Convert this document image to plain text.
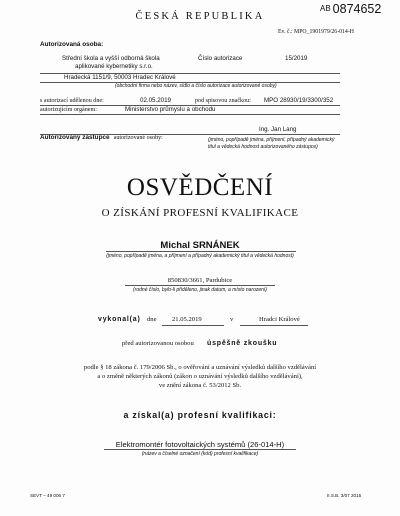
AB 0874652
ČESKÁ REPUBLIKA
Ev. č.: MPO_1901979/26-014-H
Autorizovaná osoba:
Střední škola a vyšší odborná škola
aplikované kybernetiky s.r.o.
Číslo autorizace	15/2019
Hradecká 1151/9, 50003 Hradec Králové
(obchodní firma nebo název, sídlo a číslo autorizace autorizované osoby)
s autorizací udělenou dne:	02.05.2019	pod spisovou značkou: MPO 28930/19/3300/352
autorizujícím orgánem:	Ministerstvo průmyslu a obchodu
Autorizovaný zástupce autorizované osoby:
Ing. Jan Lang
(jméno, popřípadě jména, příjmení, případný akademický
titul a vědecká hodnost autorizovaného zástupce)
OSVĚDČENÍ
O ZÍSKÁNÍ PROFESNÍ KVALIFIKACE
Michal SRNÁNEK
(jméno, popřípadě jména, a příjmení a případný akademický titul a vědecká hodnost)
850830/3661, Pardubice
(rodné číslo, bylo-li přiděleno, jinak datum, a místo narození)
vykonal(a) dne 21.05.2019	v	Hradci Králové
před autorizovanou osobou úspěšně zkoušku
podle § 18 zákona č. 179/2006 Sb., o ověřování a uznávání výsledků dalšího vzdělávání
a o změně některých zákonů (zákon o uznávání výsledků dalšího vzdělávání),
ve znění zákona č. 53/2012 Sb.
a získal(a) profesní kvalifikaci:
Elektromontér fotovoltaických systémů (26-014-H)
(název a číselné označení (kód) profesní kvalifikace)
SEVT – 49 006 7	II.S.B. 3/07 2015
